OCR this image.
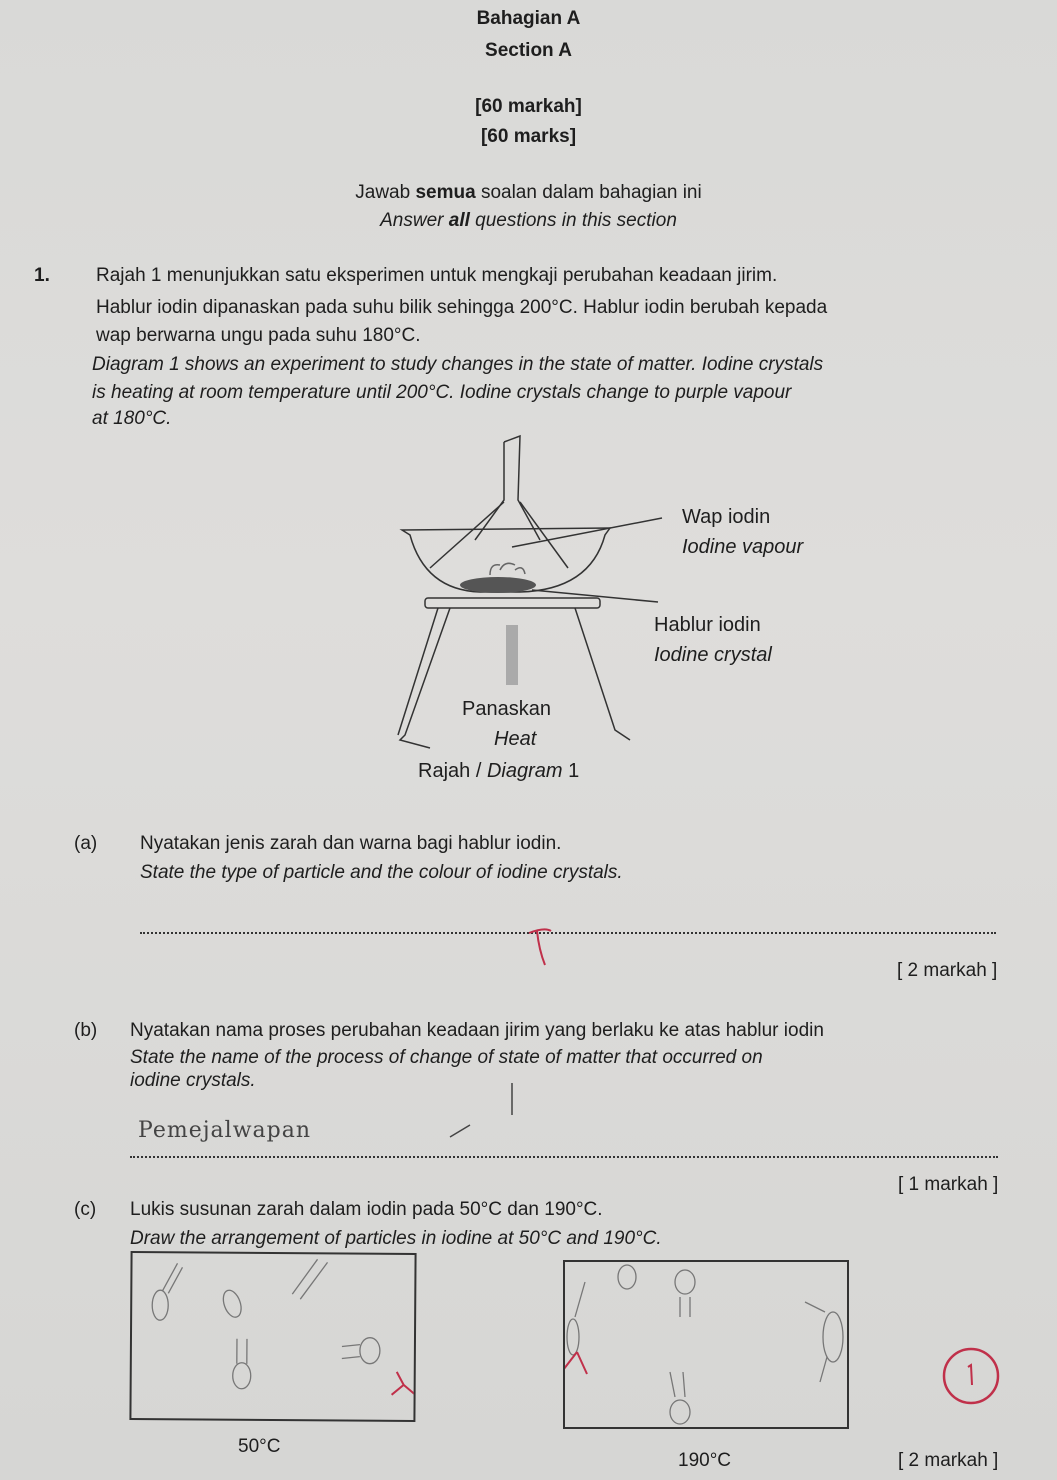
Bahagian A
Section A
[60 markah]
[60 marks]
Jawab semua soalan dalam bahagian ini
Answer all questions in this section
1. Rajah 1 menunjukkan satu eksperimen untuk mengkaji perubahan keadaan jirim.
Hablur iodin dipanaskan pada suhu bilik sehingga 200°C. Hablur iodin berubah kepada
wap berwarna ungu pada suhu 180°C.
Diagram 1 shows an experiment to study changes in the state of matter. Iodine crystals
is heating at room temperature until 200°C. Iodine crystals change to purple vapour
at 180°C.
Wap iodin
Iodine vapour
Hablur iodin
Iodine crystal
Panaskan
Heat
Rajah / Diagram 1
(a) Nyatakan jenis zarah dan warna bagi hablur iodin.
State the type of particle and the colour of iodine crystals.
[ 2 markah ]
(b) Nyatakan nama proses perubahan keadaan jirim yang berlaku ke atas hablur iodin
State the name of the process of change of state of matter that occurred on
iodine crystals.
Pemejalwapan
[ 1 markah ]
(c) Lukis susunan zarah dalam iodin pada 50°C dan 190°C.
Draw the arrangement of particles in iodine at 50°C and 190°C.
50°C
190°C	[ 2 markah ]
